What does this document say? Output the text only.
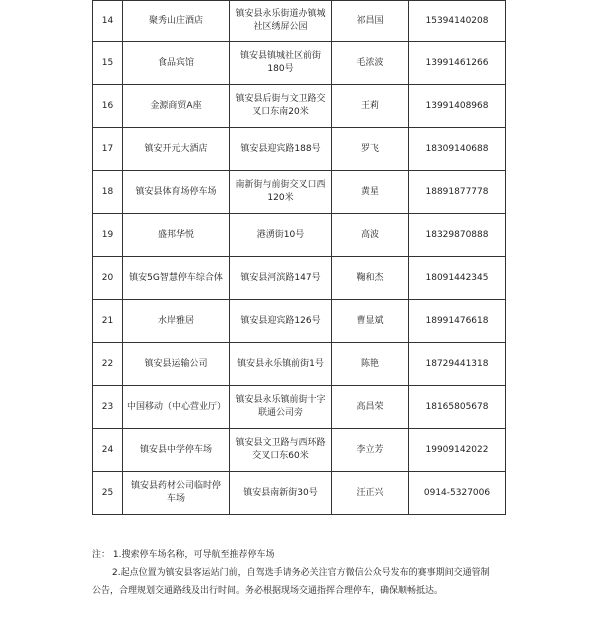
14	聚秀山庄酒店	镇安县永乐街道办镇城社区绣屏公园	祁昌国	15394140208
15	食品宾馆	镇安县镇城社区前街180号	毛浓波	13991461266
16	金源商贸A座	镇安县后街与文卫路交叉口东南20米	王莉	13991408968
17	镇安开元大酒店	镇安县迎宾路188号	罗飞	18309140688
18	镇安县体育场停车场	南新街与前街交叉口西120米	黄星	18891877778
19	盛邦华悦	港湧街10号	高波	18329870888
20	镇安5G智慧停车综合体	镇安县河滨路147号	鞠和杰	18091442345
21	水岸雅居	镇安县迎宾路126号	曹显斌	18991476618
22	镇安县运输公司	镇安县永乐镇前街1号	陈艳	18729441318
23	中国移动（中心营业厅）	镇安县永乐镇前街十字联通公司旁	高昌荣	18165805678
24	镇安县中学停车场	镇安县文卫路与西环路交叉口东60米	李立芳	19909142022
25	镇安县药材公司临时停车场	镇安县南新街30号	汪正兴	0914-5327006
注： 1.搜索停车场名称，可导航至推荐停车场
2.起点位置为镇安县客运站门前，自驾选手请务必关注官方微信公众号发布的赛事期间交通管制
公告，合理规划交通路线及出行时间。务必根据现场交通指挥合理停车，确保顺畅抵达。
